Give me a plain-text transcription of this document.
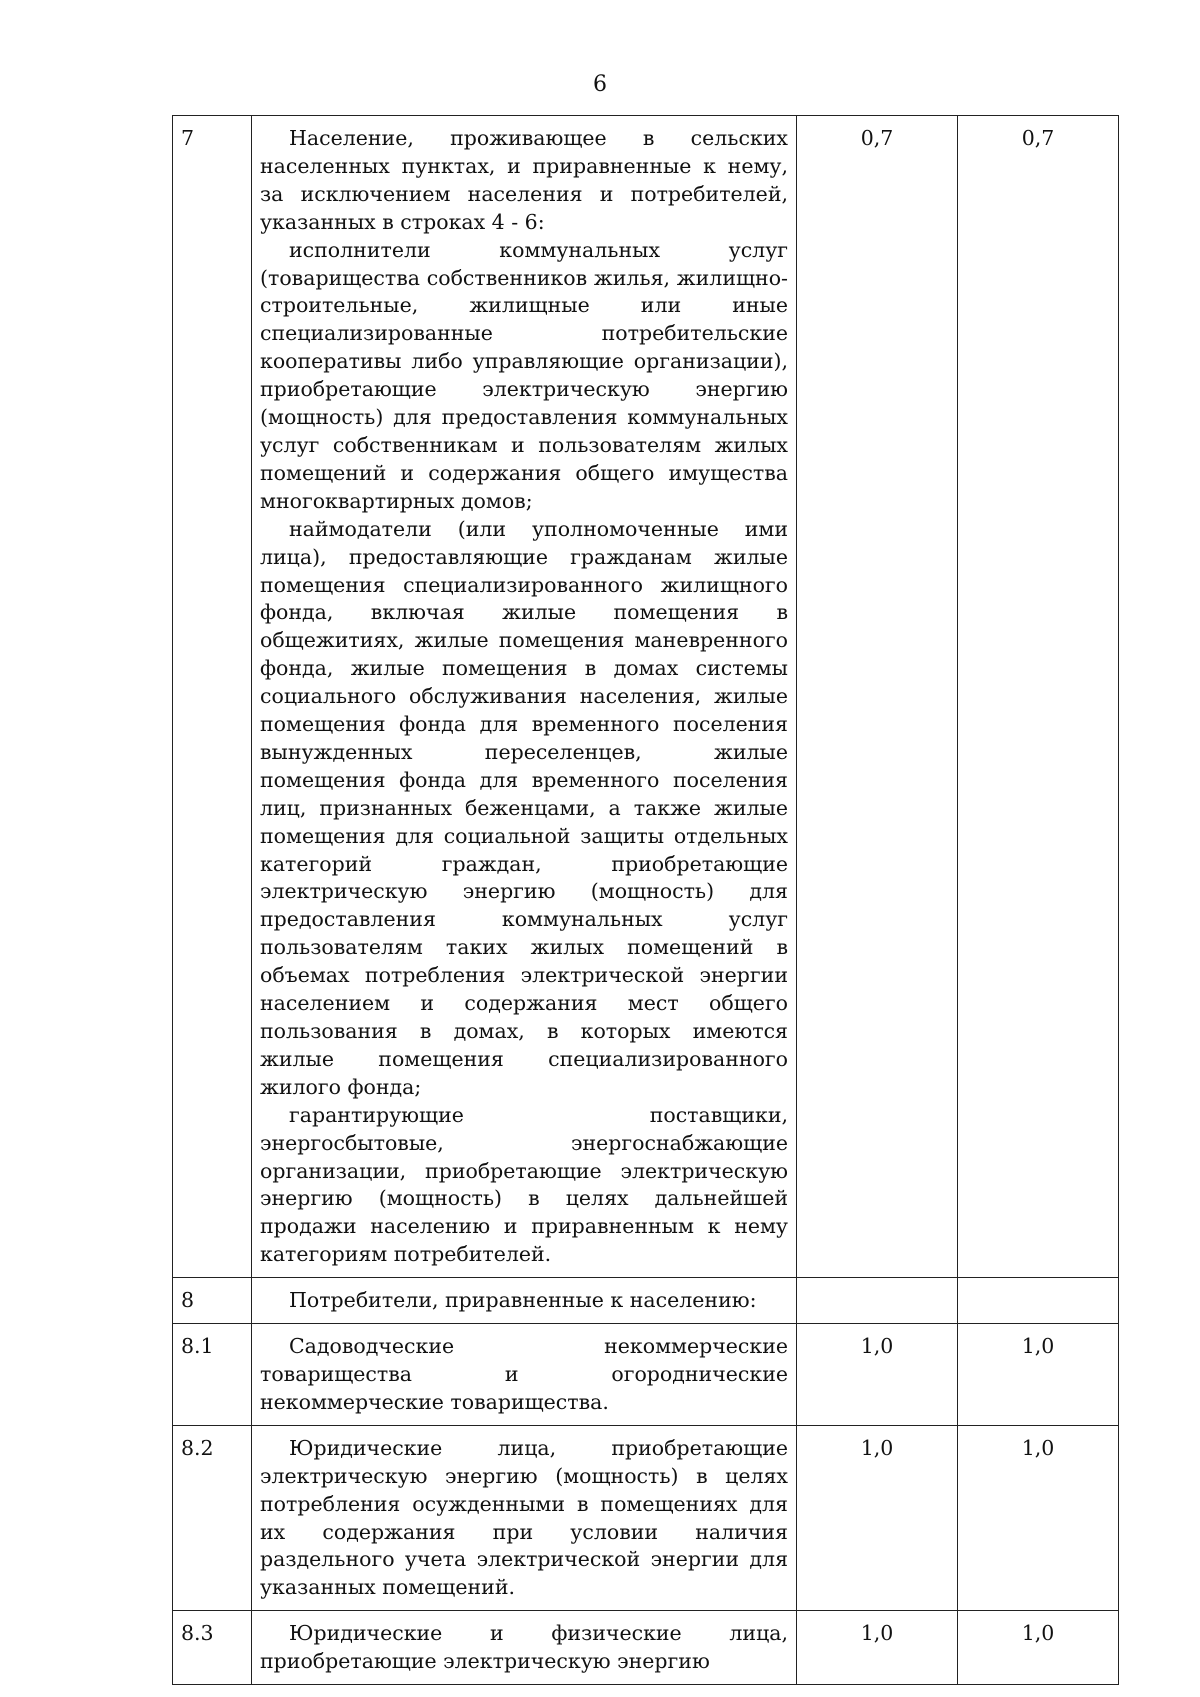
6
7	Население, проживающее в сельских населенных пунктах, и приравненные к нему, за исключением населения и потребителей, указанных в строках 4 - 6:

исполнители коммунальных услуг (товарищества собственников жилья, жилищно-строительные, жилищные или иные специализированные потребительские кооперативы либо управляющие организации), приобретающие электрическую энергию (мощность) для предоставления коммунальных услуг собственникам и пользователям жилых помещений и содержания общего имущества многоквартирных домов;

наймодатели (или уполномоченные ими лица), предоставляющие гражданам жилые помещения специализированного жилищного фонда, включая жилые помещения в общежитиях, жилые помещения маневренного фонда, жилые помещения в домах системы социального обслуживания населения, жилые помещения фонда для временного поселения вынужденных переселенцев, жилые помещения фонда для временного поселения лиц, признанных беженцами, а также жилые помещения для социальной защиты отдельных категорий граждан, приобретающие электрическую энергию (мощность) для предоставления коммунальных услуг пользователям таких жилых помещений в объемах потребления электрической энергии населением и содержания мест общего пользования в домах, в которых имеются жилые помещения специализированного жилого фонда;

гарантирующие поставщики, энергосбытовые, энергоснабжающие организации, приобретающие электрическую энергию (мощность) в целях дальнейшей продажи населению и приравненным к нему категориям потребителей.	0,7	0,7
8	Потребители, приравненные к населению:		

8.1	Садоводческие некоммерческие товарищества и огороднические некоммерческие товарищества.	1,0	1,0
8.2	Юридические лица, приобретающие электрическую энергию (мощность) в целях потребления осужденными в помещениях для их содержания при условии наличия раздельного учета электрической энергии для указанных помещений.	1,0	1,0
8.3	Юридические и физические лица, приобретающие электрическую энергию	1,0	1,0
